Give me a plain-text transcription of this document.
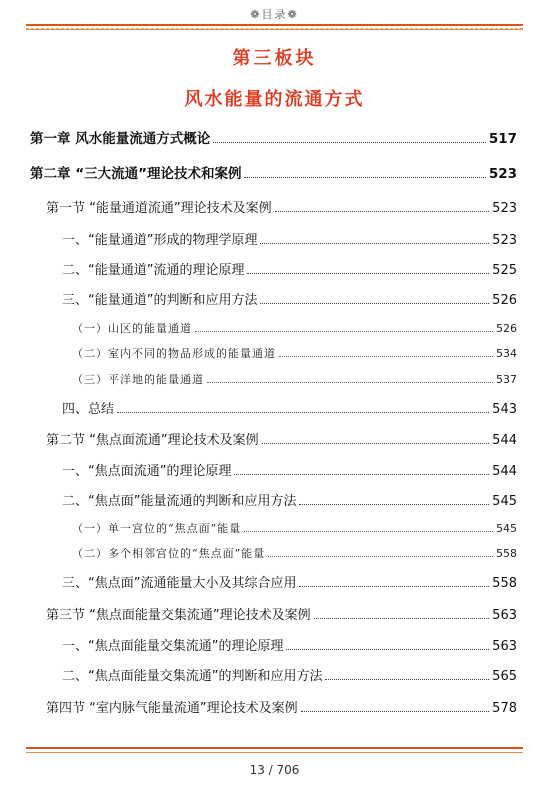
❁目录❁
第三板块
风水能量的流通方式
第一章 风水能量流通方式概论	517
第二章 “三大流通”理论技术和案例	523
第一节 “能量通道流通”理论技术及案例	523
一、“能量通道”形成的物理学原理	523
二、“能量通道”流通的理论原理	525
三、“能量通道”的判断和应用方法	526
（一）山区的能量通道	526
（二）室内不同的物品形成的能量通道	534
（三）平洋地的能量通道	537
四、总结	543
第二节 “焦点面流通”理论技术及案例	544
一、“焦点面流通”的理论原理	544
二、“焦点面”能量流通的判断和应用方法	545
（一）单一宫位的“焦点面”能量	545
（二）多个相邻宫位的“焦点面”能量	558
三、“焦点面”流通能量大小及其综合应用	558
第三节 “焦点面能量交集流通”理论技术及案例	563
一、“焦点面能量交集流通”的理论原理	563
二、“焦点面能量交集流通”的判断和应用方法	565
第四节 “室内脉气能量流通”理论技术及案例	578
13 / 706
